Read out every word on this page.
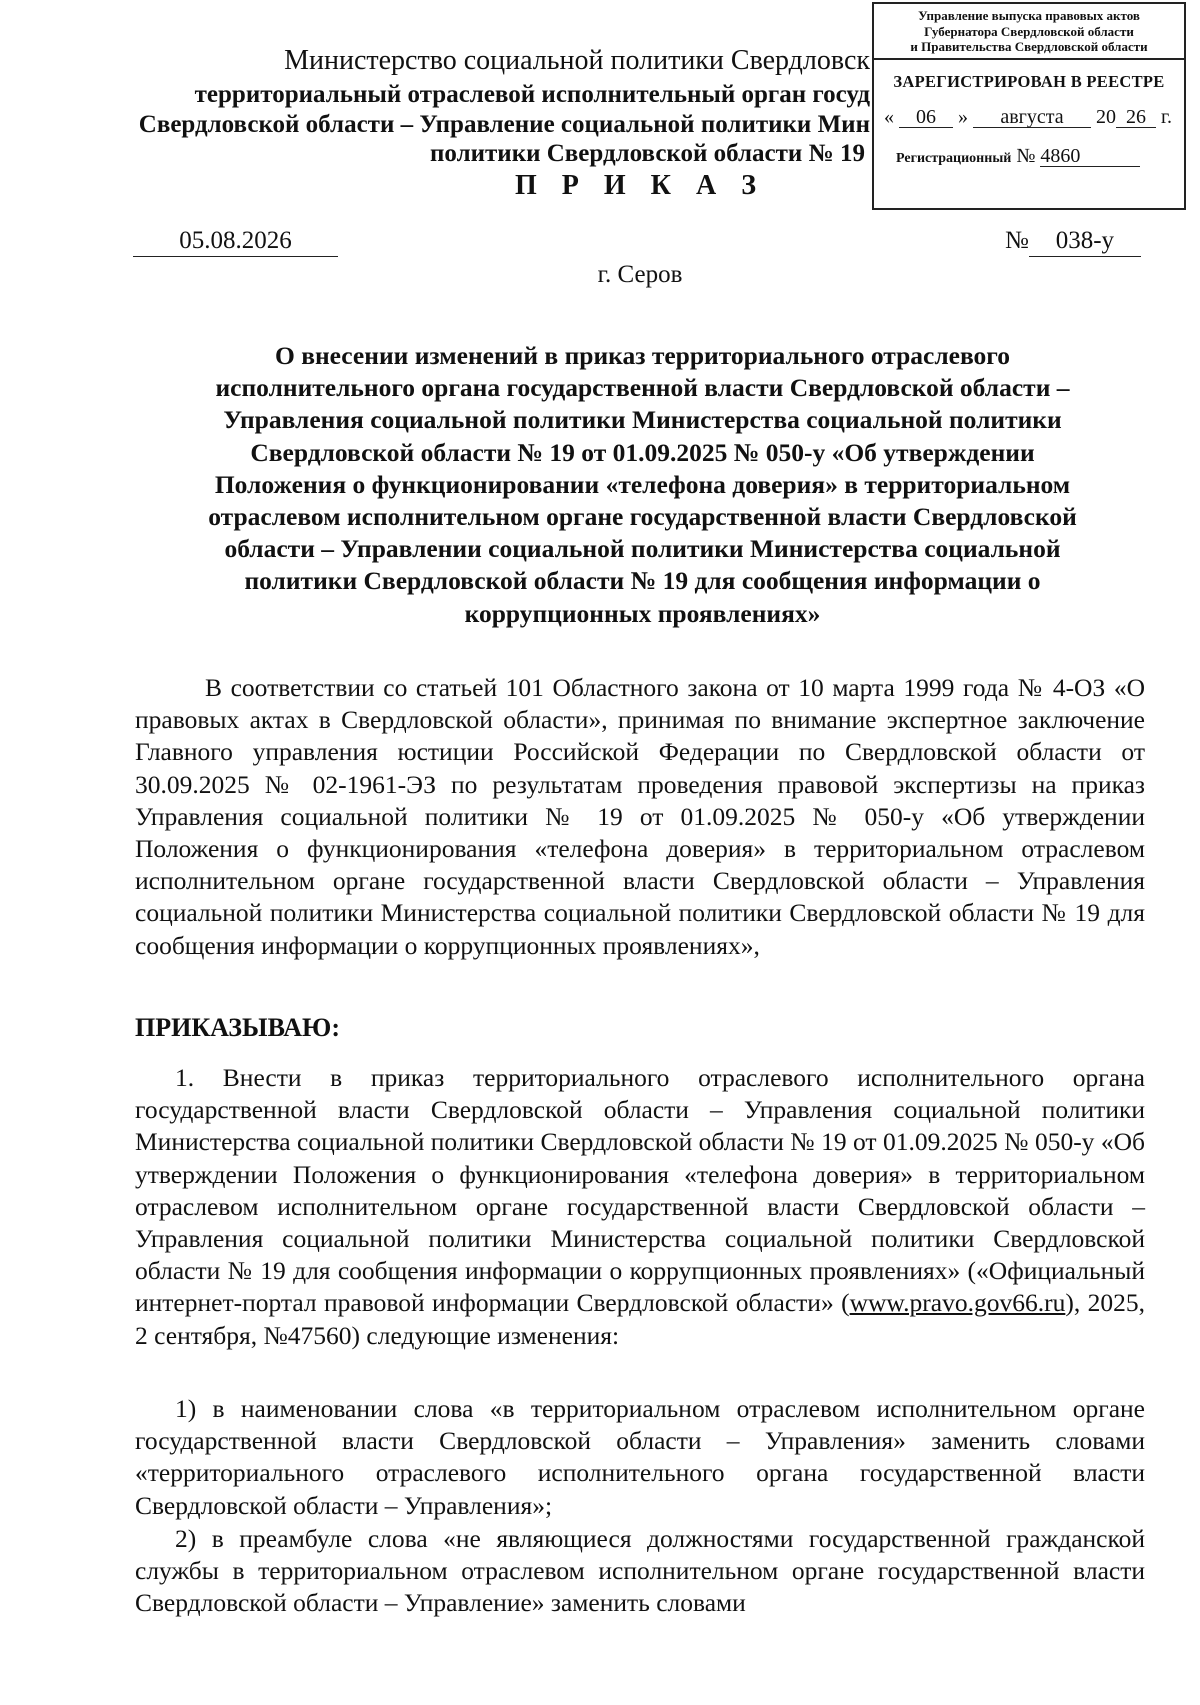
Министерство социальной политики Свердловск
территориальный отраслевой исполнительный орган госуд
Свердловской области – Управление социальной политики Мин
политики Свердловской области № 19
П Р И К А З
Управление выпуска правовых актов
Губернатора Свердловской области
и Правительства Свердловской области
ЗАРЕГИСТРИРОВАН В РЕЕСТРЕ
« 06 » августа 20 26 г.
Регистрационный № 4860
05.08.2026	№ 038-у
г. Серов
О внесении изменений в приказ территориального отраслевого
исполнительного органа государственной власти Свердловской области –
Управления социальной политики Министерства социальной политики
Свердловской области № 19 от 01.09.2025 № 050-у «Об утверждении
Положения о функционировании «телефона доверия» в территориальном
отраслевом исполнительном органе государственной власти Свердловской
области – Управлении социальной политики Министерства социальной
политики Свердловской области № 19 для сообщения информации о
коррупционных проявлениях»
В соответствии со статьей 101 Областного закона от 10 марта 1999 года № 4-ОЗ «О правовых актах в Свердловской области», принимая по внимание экспертное заключение Главного управления юстиции Российской Федерации по Свердловской области от 30.09.2025 № 02-1961-ЭЗ по результатам проведения правовой экспертизы на приказ Управления социальной политики № 19 от 01.09.2025 № 050-у «Об утверждении Положения о функционирования «телефона доверия» в территориальном отраслевом исполнительном органе государственной власти Свердловской области – Управления социальной политики Министерства социальной политики Свердловской области № 19 для сообщения информации о коррупционных проявлениях»,
ПРИКАЗЫВАЮ:
1. Внести в приказ территориального отраслевого исполнительного органа государственной власти Свердловской области – Управления социальной политики Министерства социальной политики Свердловской области № 19 от 01.09.2025 № 050-у «Об утверждении Положения о функционирования «телефона доверия» в территориальном отраслевом исполнительном органе государственной власти Свердловской области – Управления социальной политики Министерства социальной политики Свердловской области № 19 для сообщения информации о коррупционных проявлениях» («Официальный интернет-портал правовой информации Свердловской области» (www.pravo.gov66.ru), 2025, 2 сентября, №47560) следующие изменения:
1) в наименовании слова «в территориальном отраслевом исполнительном органе государственной власти Свердловской области – Управления» заменить словами «территориального отраслевого исполнительного органа государственной власти Свердловской области – Управления»;
2) в преамбуле слова «не являющиеся должностями государственной гражданской службы в территориальном отраслевом исполнительном органе государственной власти Свердловской области – Управление» заменить словами
